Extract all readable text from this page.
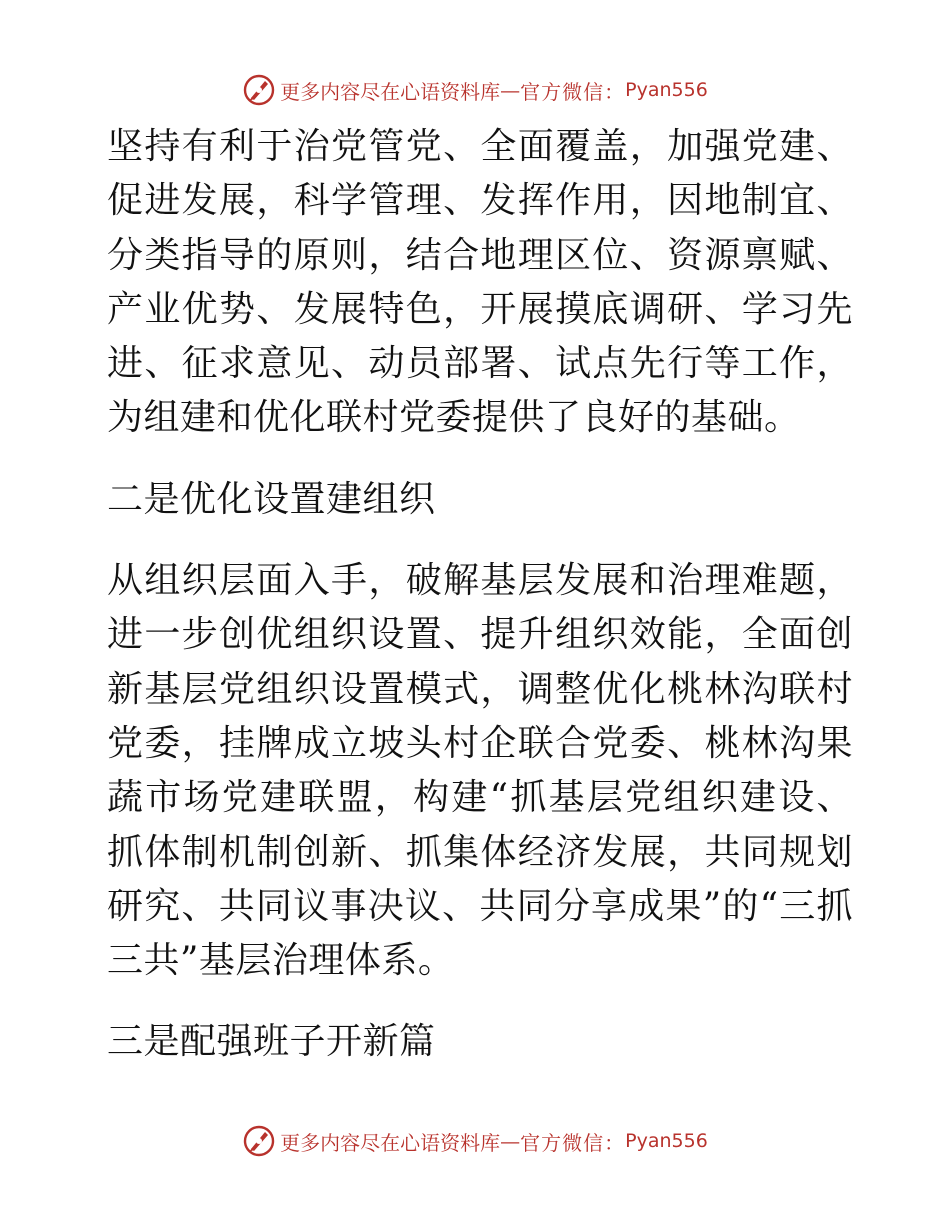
更多内容尽在心语资料库 — 官方微信： Pyan556

坚持有利于治党管党、全面覆盖，加强党建、促进发展，科学管理、发挥作用，因地制宜、分类指导的原则，结合地理区位、资源禀赋、产业优势、发展特色，开展摸底调研、学习先进、征求意见、动员部署、试点先行等工作，为组建和优化联村党委提供了良好的基础。

二是优化设置建组织

从组织层面入手，破解基层发展和治理难题，进一步创优组织设置、提升组织效能，全面创新基层党组织设置模式，调整优化桃林沟联村党委，挂牌成立坡头村企联合党委、桃林沟果蔬市场党建联盟，构建“抓基层党组织建设、抓体制机制创新、抓集体经济发展，共同规划研究、共同议事决议、共同分享成果”的“三抓三共”基层治理体系。

三是配强班子开新篇

更多内容尽在心语资料库 — 官方微信： Pyan556
